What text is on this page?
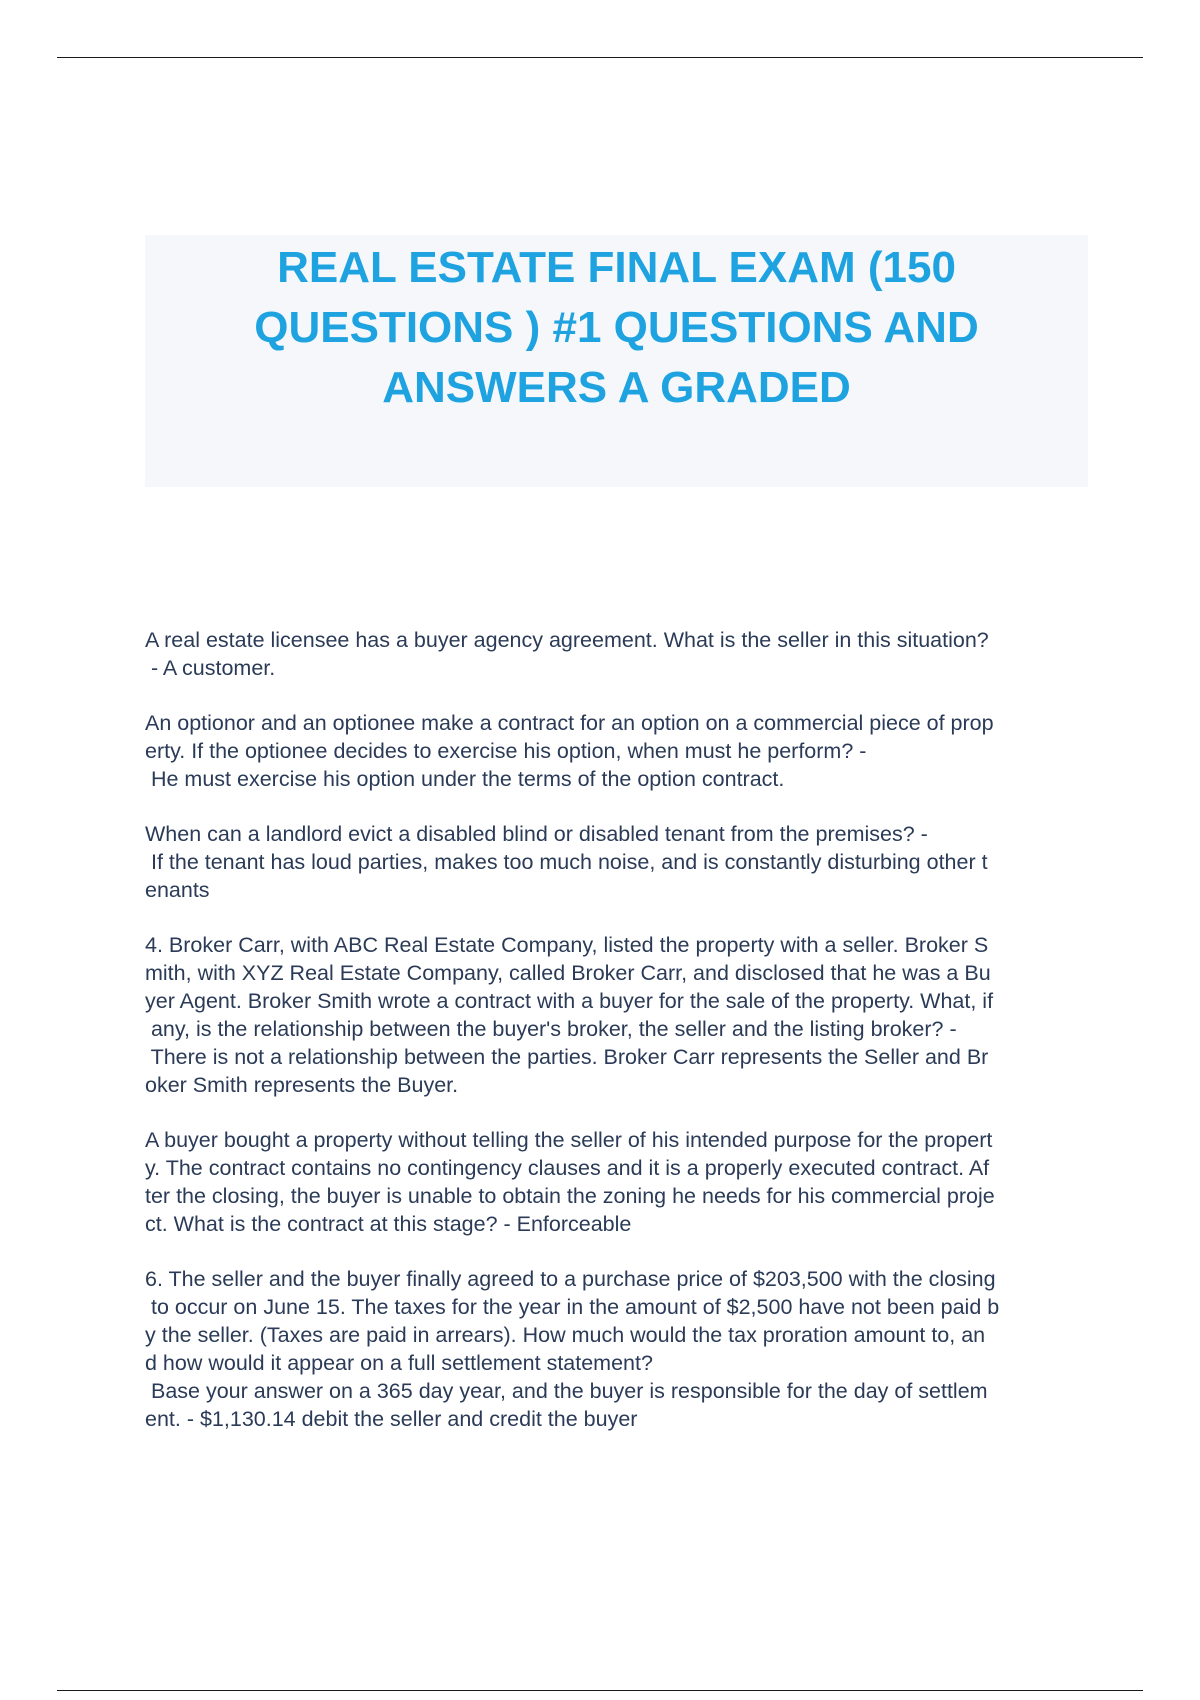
REAL ESTATE FINAL EXAM (150
QUESTIONS ) #1 QUESTIONS AND
ANSWERS A GRADED
A real estate licensee has a buyer agency agreement. What is the seller in this situation?
- A customer.
An optionor and an optionee make a contract for an option on a commercial piece of prop
erty. If the optionee decides to exercise his option, when must he perform? -
He must exercise his option under the terms of the option contract.
When can a landlord evict a disabled blind or disabled tenant from the premises? -
If the tenant has loud parties, makes too much noise, and is constantly disturbing other t
enants
4. Broker Carr, with ABC Real Estate Company, listed the property with a seller. Broker S
mith, with XYZ Real Estate Company, called Broker Carr, and disclosed that he was a Bu
yer Agent. Broker Smith wrote a contract with a buyer for the sale of the property. What, if
any, is the relationship between the buyer's broker, the seller and the listing broker? -
There is not a relationship between the parties. Broker Carr represents the Seller and Br
oker Smith represents the Buyer.
A buyer bought a property without telling the seller of his intended purpose for the propert
y. The contract contains no contingency clauses and it is a properly executed contract. Af
ter the closing, the buyer is unable to obtain the zoning he needs for his commercial proje
ct. What is the contract at this stage? - Enforceable
6. The seller and the buyer finally agreed to a purchase price of $203,500 with the closing
to occur on June 15. The taxes for the year in the amount of $2,500 have not been paid b
y the seller. (Taxes are paid in arrears). How much would the tax proration amount to, an
d how would it appear on a full settlement statement?
Base your answer on a 365 day year, and the buyer is responsible for the day of settlem
ent. - $1,130.14 debit the seller and credit the buyer
